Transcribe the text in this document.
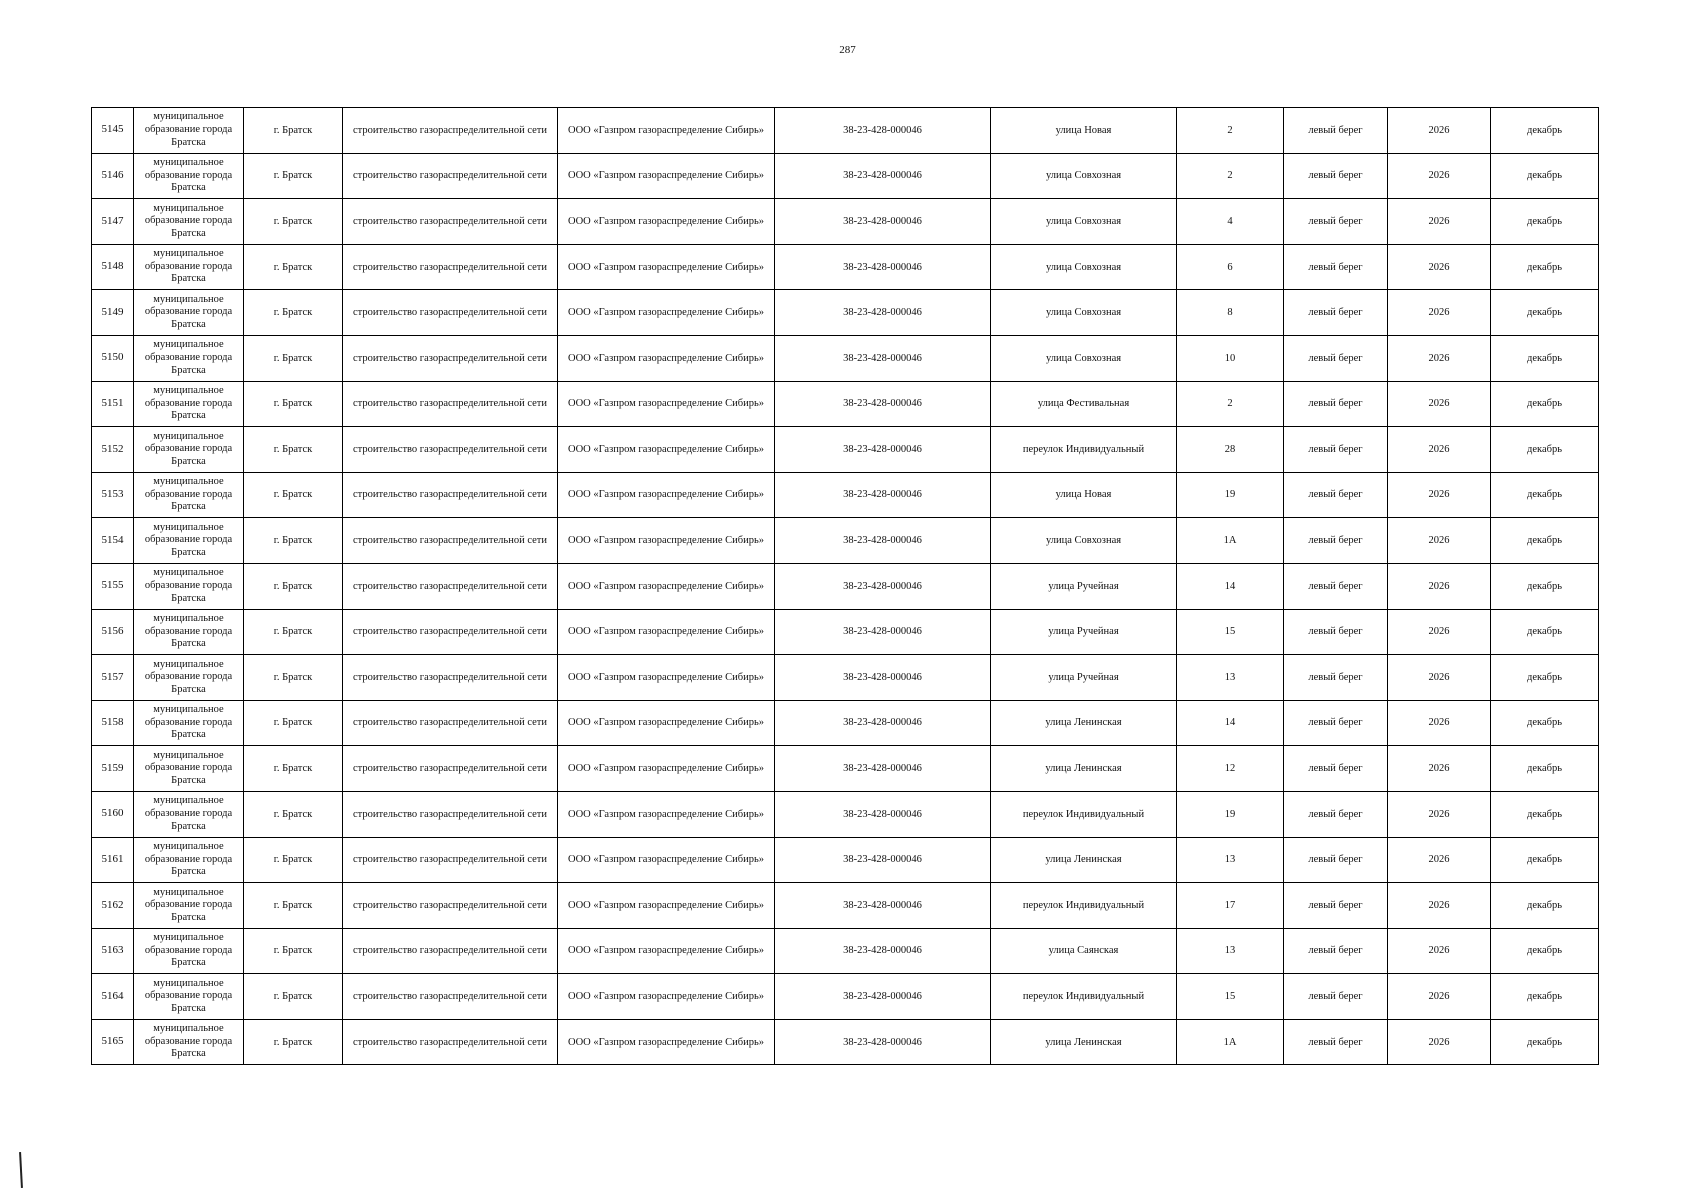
287
5145	муниципальное образование города Братска	г. Братск	строительство газораспределительной сети	ООО «Газпром газораспределение Сибирь»	38-23-428-000046	улица Новая	2	левый берег	2026	декабрь
5146	муниципальное образование города Братска	г. Братск	строительство газораспределительной сети	ООО «Газпром газораспределение Сибирь»	38-23-428-000046	улица Совхозная	2	левый берег	2026	декабрь
5147	муниципальное образование города Братска	г. Братск	строительство газораспределительной сети	ООО «Газпром газораспределение Сибирь»	38-23-428-000046	улица Совхозная	4	левый берег	2026	декабрь
5148	муниципальное образование города Братска	г. Братск	строительство газораспределительной сети	ООО «Газпром газораспределение Сибирь»	38-23-428-000046	улица Совхозная	6	левый берег	2026	декабрь
5149	муниципальное образование города Братска	г. Братск	строительство газораспределительной сети	ООО «Газпром газораспределение Сибирь»	38-23-428-000046	улица Совхозная	8	левый берег	2026	декабрь
5150	муниципальное образование города Братска	г. Братск	строительство газораспределительной сети	ООО «Газпром газораспределение Сибирь»	38-23-428-000046	улица Совхозная	10	левый берег	2026	декабрь
5151	муниципальное образование города Братска	г. Братск	строительство газораспределительной сети	ООО «Газпром газораспределение Сибирь»	38-23-428-000046	улица Фестивальная	2	левый берег	2026	декабрь
5152	муниципальное образование города Братска	г. Братск	строительство газораспределительной сети	ООО «Газпром газораспределение Сибирь»	38-23-428-000046	переулок Индивидуальный	28	левый берег	2026	декабрь
5153	муниципальное образование города Братска	г. Братск	строительство газораспределительной сети	ООО «Газпром газораспределение Сибирь»	38-23-428-000046	улица Новая	19	левый берег	2026	декабрь
5154	муниципальное образование города Братска	г. Братск	строительство газораспределительной сети	ООО «Газпром газораспределение Сибирь»	38-23-428-000046	улица Совхозная	1А	левый берег	2026	декабрь
5155	муниципальное образование города Братска	г. Братск	строительство газораспределительной сети	ООО «Газпром газораспределение Сибирь»	38-23-428-000046	улица Ручейная	14	левый берег	2026	декабрь
5156	муниципальное образование города Братска	г. Братск	строительство газораспределительной сети	ООО «Газпром газораспределение Сибирь»	38-23-428-000046	улица Ручейная	15	левый берег	2026	декабрь
5157	муниципальное образование города Братска	г. Братск	строительство газораспределительной сети	ООО «Газпром газораспределение Сибирь»	38-23-428-000046	улица Ручейная	13	левый берег	2026	декабрь
5158	муниципальное образование города Братска	г. Братск	строительство газораспределительной сети	ООО «Газпром газораспределение Сибирь»	38-23-428-000046	улица Ленинская	14	левый берег	2026	декабрь
5159	муниципальное образование города Братска	г. Братск	строительство газораспределительной сети	ООО «Газпром газораспределение Сибирь»	38-23-428-000046	улица Ленинская	12	левый берег	2026	декабрь
5160	муниципальное образование города Братска	г. Братск	строительство газораспределительной сети	ООО «Газпром газораспределение Сибирь»	38-23-428-000046	переулок Индивидуальный	19	левый берег	2026	декабрь
5161	муниципальное образование города Братска	г. Братск	строительство газораспределительной сети	ООО «Газпром газораспределение Сибирь»	38-23-428-000046	улица Ленинская	13	левый берег	2026	декабрь
5162	муниципальное образование города Братска	г. Братск	строительство газораспределительной сети	ООО «Газпром газораспределение Сибирь»	38-23-428-000046	переулок Индивидуальный	17	левый берег	2026	декабрь
5163	муниципальное образование города Братска	г. Братск	строительство газораспределительной сети	ООО «Газпром газораспределение Сибирь»	38-23-428-000046	улица Саянская	13	левый берег	2026	декабрь
5164	муниципальное образование города Братска	г. Братск	строительство газораспределительной сети	ООО «Газпром газораспределение Сибирь»	38-23-428-000046	переулок Индивидуальный	15	левый берег	2026	декабрь
5165	муниципальное образование города Братска	г. Братск	строительство газораспределительной сети	ООО «Газпром газораспределение Сибирь»	38-23-428-000046	улица Ленинская	1А	левый берег	2026	декабрь
